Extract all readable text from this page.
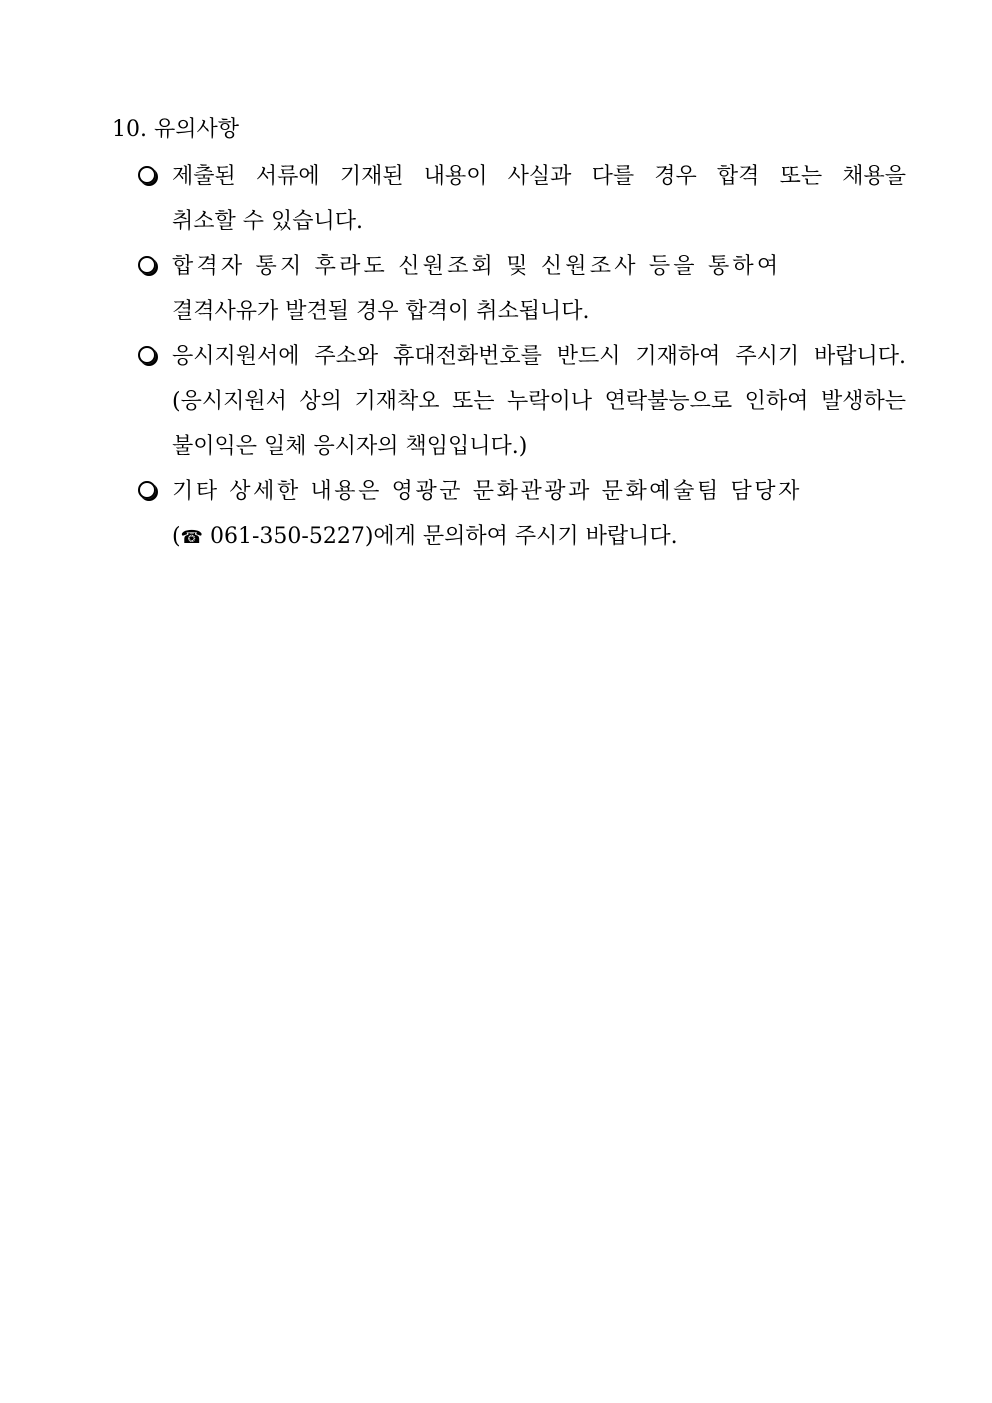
10. 유의사항
제출된 서류에 기재된 내용이 사실과 다를 경우 합격 또는 채용을
취소할 수 있습니다.
합격자 통지 후라도 신원조회 및 신원조사 등을 통하여
결격사유가 발견될 경우 합격이 취소됩니다.
응시지원서에 주소와 휴대전화번호를 반드시 기재하여 주시기 바랍니다.
(응시지원서 상의 기재착오 또는 누락이나 연락불능으로 인하여 발생하는
불이익은 일체 응시자의 책임입니다.)
기타 상세한 내용은 영광군 문화관광과 문화예술팀 담당자
(☎ 061-350-5227)에게 문의하여 주시기 바랍니다.
